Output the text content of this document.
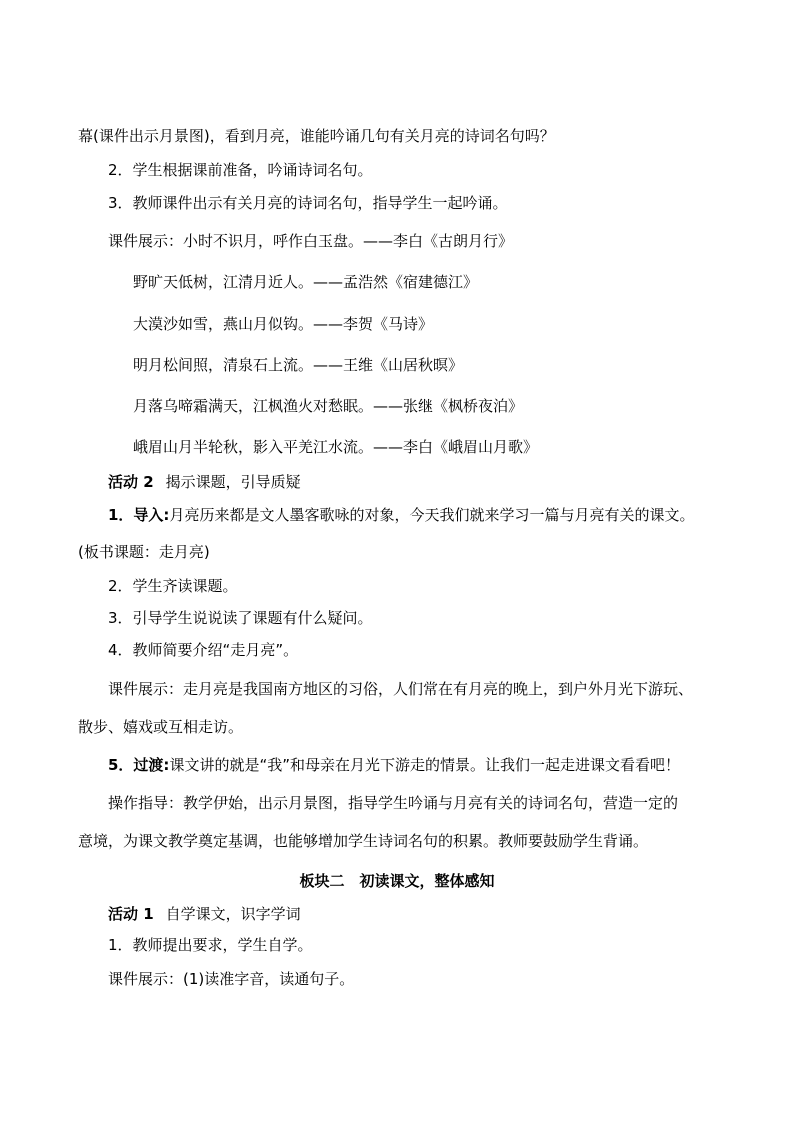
幕(课件出示月景图)，看到月亮，谁能吟诵几句有关月亮的诗词名句吗？
2．学生根据课前准备，吟诵诗词名句。
3．教师课件出示有关月亮的诗词名句，指导学生一起吟诵。
课件展示：小时不识月，呼作白玉盘。——李白《古朗月行》
野旷天低树，江清月近人。——孟浩然《宿建德江》
大漠沙如雪，燕山月似钩。——李贺《马诗》
明月松间照，清泉石上流。——王维《山居秋暝》
月落乌啼霜满天，江枫渔火对愁眠。——张继《枫桥夜泊》
峨眉山月半轮秋，影入平羌江水流。——李白《峨眉山月歌》
活动 2 揭示课题，引导质疑
1．导入:月亮历来都是文人墨客歌咏的对象，今天我们就来学习一篇与月亮有关的课文。
(板书课题：走月亮)
2．学生齐读课题。
3．引导学生说说读了课题有什么疑问。
4．教师简要介绍“走月亮”。
课件展示：走月亮是我国南方地区的习俗，人们常在有月亮的晚上，到户外月光下游玩、
散步、嬉戏或互相走访。
5．过渡:课文讲的就是“我”和母亲在月光下游走的情景。让我们一起走进课文看看吧！
操作指导：教学伊始，出示月景图，指导学生吟诵与月亮有关的诗词名句，营造一定的
意境，为课文教学奠定基调，也能够增加学生诗词名句的积累。教师要鼓励学生背诵。
板块二　初读课文，整体感知
活动 1 自学课文，识字学词
1．教师提出要求，学生自学。
课件展示：(1)读准字音，读通句子。
